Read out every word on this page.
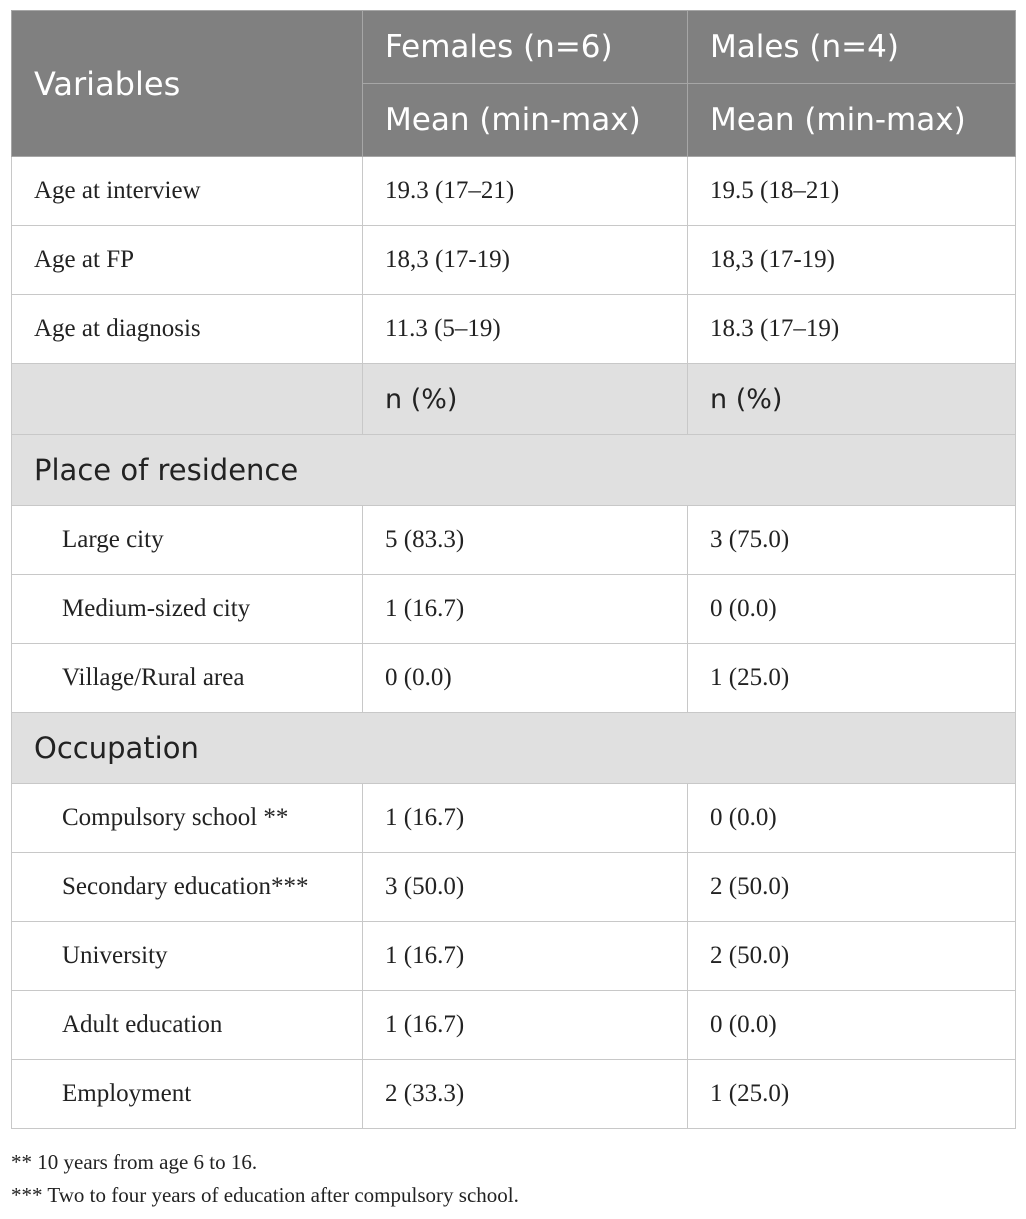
Variables	Females (n=6)	Males (n=4)
	Mean (min-max)	Mean (min-max)
Age at interview	19.3 (17–21)	19.5 (18–21)
Age at FP	18,3 (17-19)	18,3 (17-19)
Age at diagnosis	11.3 (5–19)	18.3 (17–19)
	n (%)	n (%)
Place of residence		
Large city	5 (83.3)	3 (75.0)
Medium-sized city	1 (16.7)	0 (0.0)
Village/Rural area	0 (0.0)	1 (25.0)
Occupation		
Compulsory school **	1 (16.7)	0 (0.0)
Secondary education***	3 (50.0)	2 (50.0)
University	1 (16.7)	2 (50.0)
Adult education	1 (16.7)	0 (0.0)
Employment	2 (33.3)	1 (25.0)
** 10 years from age 6 to 16.
*** Two to four years of education after compulsory school.
